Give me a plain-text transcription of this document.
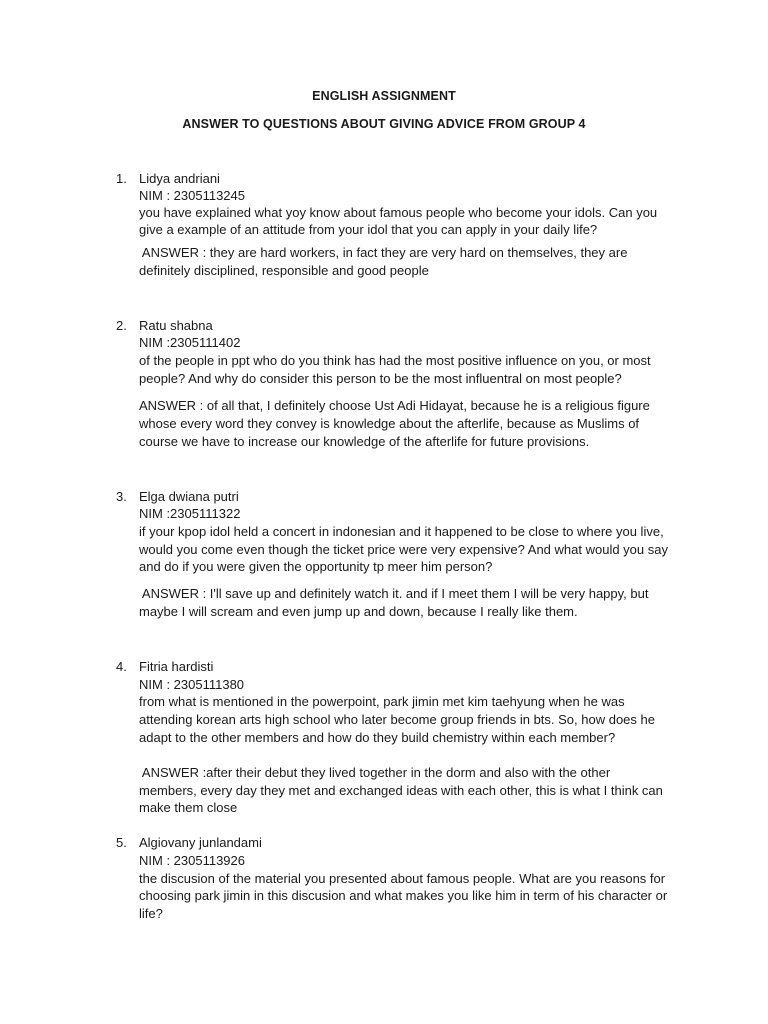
ENGLISH ASSIGNMENT
ANSWER TO QUESTIONS ABOUT GIVING ADVICE FROM GROUP 4
1. Lidya andriani
NIM : 2305113245
you have explained what yoy know about famous people who become your idols. Can you
give a example of an attitude from your idol that you can apply in your daily life?
ANSWER : they are hard workers, in fact they are very hard on themselves, they are
definitely disciplined, responsible and good people
2. Ratu shabna
NIM :2305111402
of the people in ppt who do you think has had the most positive influence on you, or most
people? And why do consider this person to be the most influentral on most people?
ANSWER : of all that, I definitely choose Ust Adi Hidayat, because he is a religious figure
whose every word they convey is knowledge about the afterlife, because as Muslims of
course we have to increase our knowledge of the afterlife for future provisions.
3. Elga dwiana putri
NIM :2305111322
if your kpop idol held a concert in indonesian and it happened to be close to where you live,
would you come even though the ticket price were very expensive? And what would you say
and do if you were given the opportunity tp meer him person?
ANSWER : I'll save up and definitely watch it. and if I meet them I will be very happy, but
maybe I will scream and even jump up and down, because I really like them.
4. Fitria hardisti
NIM : 2305111380
from what is mentioned in the powerpoint, park jimin met kim taehyung when he was
attending korean arts high school who later become group friends in bts. So, how does he
adapt to the other members and how do they build chemistry within each member?
ANSWER :after their debut they lived together in the dorm and also with the other
members, every day they met and exchanged ideas with each other, this is what I think can
make them close
5. Algiovany junlandami
NIM : 2305113926
the discusion of the material you presented about famous people. What are you reasons for
choosing park jimin in this discusion and what makes you like him in term of his character or
life?
